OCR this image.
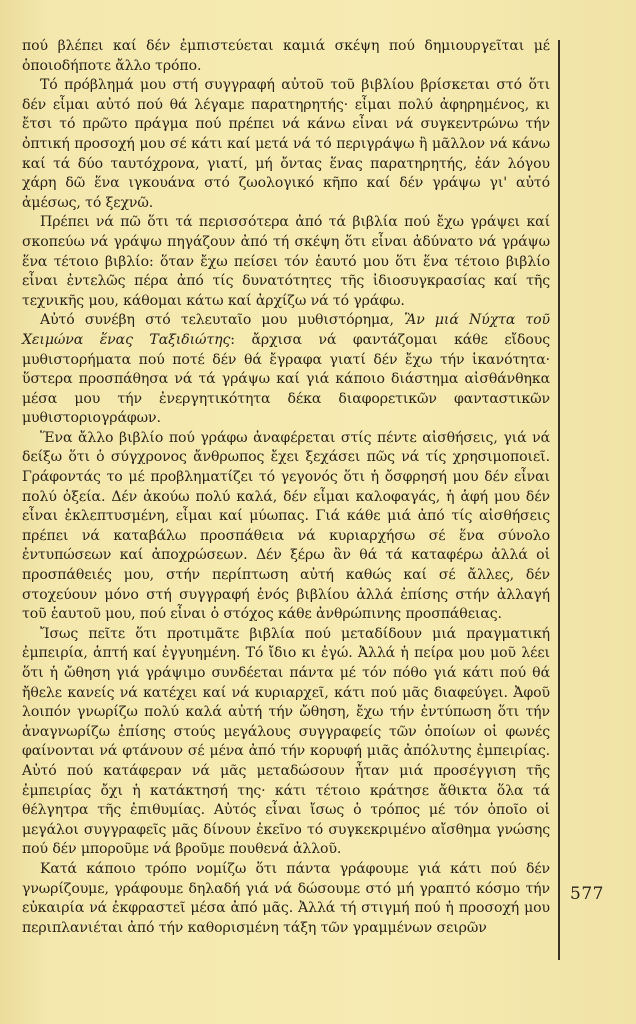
πού βλέπει καί δέν ἐμπιστεύεται καμιά σκέψη πού δημιουργεῖται μέ ὁποιοδήποτε ἄλλο τρόπο.

Τό πρόβλημά μου στή συγγραφή αὐτοῦ τοῦ βιβλίου βρίσκεται στό ὅτι δέν εἶμαι αὐτό πού θά λέγαμε παρατηρητής· εἶμαι πολύ ἀφηρημένος, κι ἔτσι τό πρῶτο πράγμα πού πρέπει νά κάνω εἶναι νά συγκεντρώνω τήν ὀπτική προσοχή μου σέ κάτι καί μετά νά τό περιγράψω ἢ μᾶλλον νά κάνω καί τά δύο ταυτόχρονα, γιατί, μή ὄντας ἕνας παρατηρητής, ἐάν λόγου χάρη δῶ ἕνα ιγκουάνα στό ζωολογικό κῆπο καί δέν γράψω γι' αὐτό ἀμέσως, τό ξεχνῶ.

Πρέπει νά πῶ ὅτι τά περισσότερα ἀπό τά βιβλία πού ἔχω γράψει καί σκοπεύω νά γράψω πηγάζουν ἀπό τή σκέψη ὅτι εἶναι ἀδύνατο νά γράψω ἕνα τέτοιο βιβλίο: ὅταν ἔχω πείσει τόν ἑαυτό μου ὅτι ἕνα τέτοιο βιβλίο εἶναι ἐντελῶς πέρα ἀπό τίς δυνατότητες τῆς ἰδιοσυγκρασίας καί τῆς τεχνικῆς μου, κάθομαι κάτω καί ἀρχίζω νά τό γράφω.

Αὐτό συνέβη στό τελευταῖο μου μυθιστόρημα, Ἂν μιά Νύχτα τοῦ Χειμώνα ἕνας Ταξιδιώτης: ἄρχισα νά φαντάζομαι κάθε εἴδους μυθιστορήματα πού ποτέ δέν θά ἔγραφα γιατί δέν ἔχω τήν ἱκανότητα· ὕστερα προσπάθησα νά τά γράψω καί γιά κάποιο διάστημα αἰσθάνθηκα μέσα μου τήν ἐνεργητικότητα δέκα διαφορετικῶν φανταστικῶν μυθιστοριογράφων.

Ἕνα ἄλλο βιβλίο πού γράφω ἀναφέρεται στίς πέντε αἰσθήσεις, γιά νά δείξω ὅτι ὁ σύγχρονος ἄνθρωπος ἔχει ξεχάσει πῶς νά τίς χρησιμοποιεῖ. Γράφοντάς το μέ προβληματίζει τό γεγονός ὅτι ἡ ὄσφρησή μου δέν εἶναι πολύ ὀξεία. Δέν ἀκούω πολύ καλά, δέν εἶμαι καλοφαγάς, ἡ ἁφή μου δέν εἶναι ἐκλεπτυσμένη, εἶμαι καί μύωπας. Γιά κάθε μιά ἀπό τίς αἰσθήσεις πρέπει νά καταβάλω προσπάθεια νά κυριαρχήσω σέ ἕνα σύνολο ἐντυπώσεων καί ἀποχρώσεων. Δέν ξέρω ἂν θά τά καταφέρω ἀλλά οἱ προσπάθειές μου, στήν περίπτωση αὐτή καθώς καί σέ ἄλλες, δέν στοχεύουν μόνο στή συγγραφή ἑνός βιβλίου ἀλλά ἐπίσης στήν ἀλλαγή τοῦ ἑαυτοῦ μου, πού εἶναι ὁ στόχος κάθε ἀνθρώπινης προσπάθειας.

Ἴσως πεῖτε ὅτι προτιμᾶτε βιβλία πού μεταδίδουν μιά πραγματική ἐμπειρία, ἁπτή καί ἐγγυημένη. Τό ἴδιο κι ἐγώ. Ἀλλά ἡ πείρα μου μοῦ λέει ὅτι ἡ ὤθηση γιά γράψιμο συνδέεται πάντα μέ τόν πόθο γιά κάτι πού θά ἤθελε κανείς νά κατέχει καί νά κυριαρχεῖ, κάτι πού μᾶς διαφεύγει. Ἀφοῦ λοιπόν γνωρίζω πολύ καλά αὐτή τήν ὤθηση, ἔχω τήν ἐντύπωση ὅτι τήν ἀναγνωρίζω ἐπίσης στούς μεγάλους συγγραφείς τῶν ὁποίων οἱ φωνές φαίνονται νά φτάνουν σέ μένα ἀπό τήν κορυφή μιᾶς ἀπόλυτης ἐμπειρίας. Αὐτό πού κατάφεραν νά μᾶς μεταδώσουν ἦταν μιά προσέγγιση τῆς ἐμπειρίας ὄχι ἡ κατάκτησή της· κάτι τέτοιο κράτησε ἄθικτα ὅλα τά θέλγητρα τῆς ἐπιθυμίας. Αὐτός εἶναι ἴσως ὁ τρόπος μέ τόν ὁποῖο οἱ μεγάλοι συγγραφεῖς μᾶς δίνουν ἐκεῖνο τό συγκεκριμένο αἴσθημα γνώσης πού δέν μποροῦμε νά βροῦμε πουθενά ἀλλοῦ.

Κατά κάποιο τρόπο νομίζω ὅτι πάντα γράφουμε γιά κάτι πού δέν γνωρίζουμε, γράφουμε δηλαδή γιά νά δώσουμε στό μή γραπτό κόσμο τήν εὐκαιρία νά ἐκφραστεῖ μέσα ἀπό μᾶς. Ἀλλά τή στιγμή πού ἡ προσοχή μου περιπλανιέται ἀπό τήν καθορισμένη τάξη τῶν γραμμένων σειρῶν

577
